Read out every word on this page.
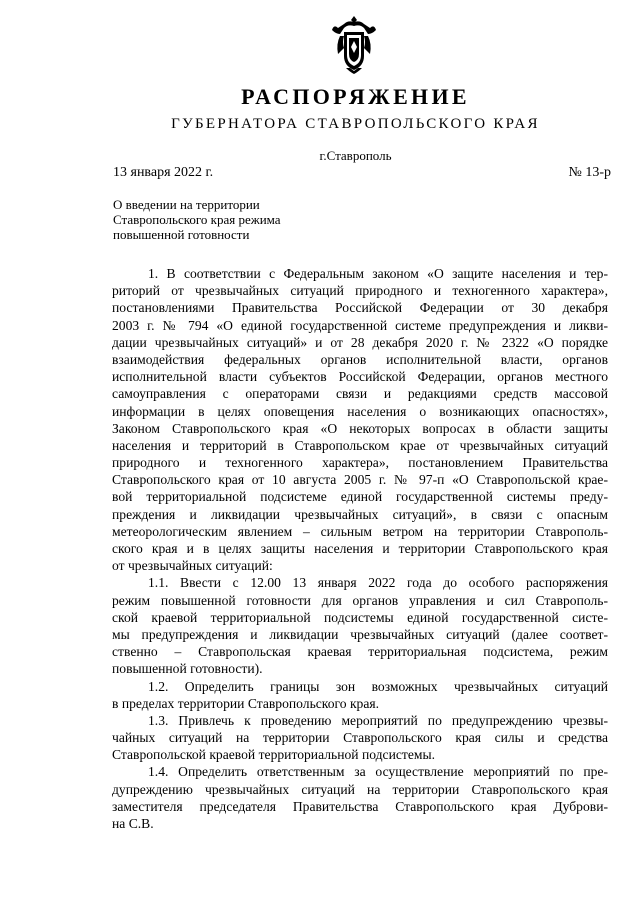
РАСПОРЯЖЕНИЕ
ГУБЕРНАТОРА СТАВРОПОЛЬСКОГО КРАЯ
г.Ставрополь
13 января 2022 г.	№ 13-р
О введении на территории
Ставропольского края режима
повышенной готовности
1. В соответствии с Федеральным законом «О защите населения и тер-
риторий от чрезвычайных ситуаций природного и техногенного характера»,
постановлениями Правительства Российской Федерации от 30 декабря
2003 г. № 794 «О единой государственной системе предупреждения и ликви-
дации чрезвычайных ситуаций» и от 28 декабря 2020 г. № 2322 «О порядке
взаимодействия федеральных органов исполнительной власти, органов
исполнительной власти субъектов Российской Федерации, органов местного
самоуправления с операторами связи и редакциями средств массовой
информации в целях оповещения населения о возникающих опасностях»,
Законом Ставропольского края «О некоторых вопросах в области защиты
населения и территорий в Ставропольском крае от чрезвычайных ситуаций
природного и техногенного характера», постановлением Правительства
Ставропольского края от 10 августа 2005 г. № 97-п «О Ставропольской крае-
вой территориальной подсистеме единой государственной системы преду-
преждения и ликвидации чрезвычайных ситуаций», в связи с опасным
метеорологическим явлением – сильным ветром на территории Ставрополь-
ского края и в целях защиты населения и территории Ставропольского края
от чрезвычайных ситуаций:
1.1. Ввести с 12.00 13 января 2022 года до особого распоряжения
режим повышенной готовности для органов управления и сил Ставрополь-
ской краевой территориальной подсистемы единой государственной систе-
мы предупреждения и ликвидации чрезвычайных ситуаций (далее соответ-
ственно – Ставропольская краевая территориальная подсистема, режим
повышенной готовности).
1.2. Определить границы зон возможных чрезвычайных ситуаций
в пределах территории Ставропольского края.
1.3. Привлечь к проведению мероприятий по предупреждению чрезвы-
чайных ситуаций на территории Ставропольского края силы и средства
Ставропольской краевой территориальной подсистемы.
1.4. Определить ответственным за осуществление мероприятий по пре-
дупреждению чрезвычайных ситуаций на территории Ставропольского края
заместителя председателя Правительства Ставропольского края Дуброви-
на С.В.
